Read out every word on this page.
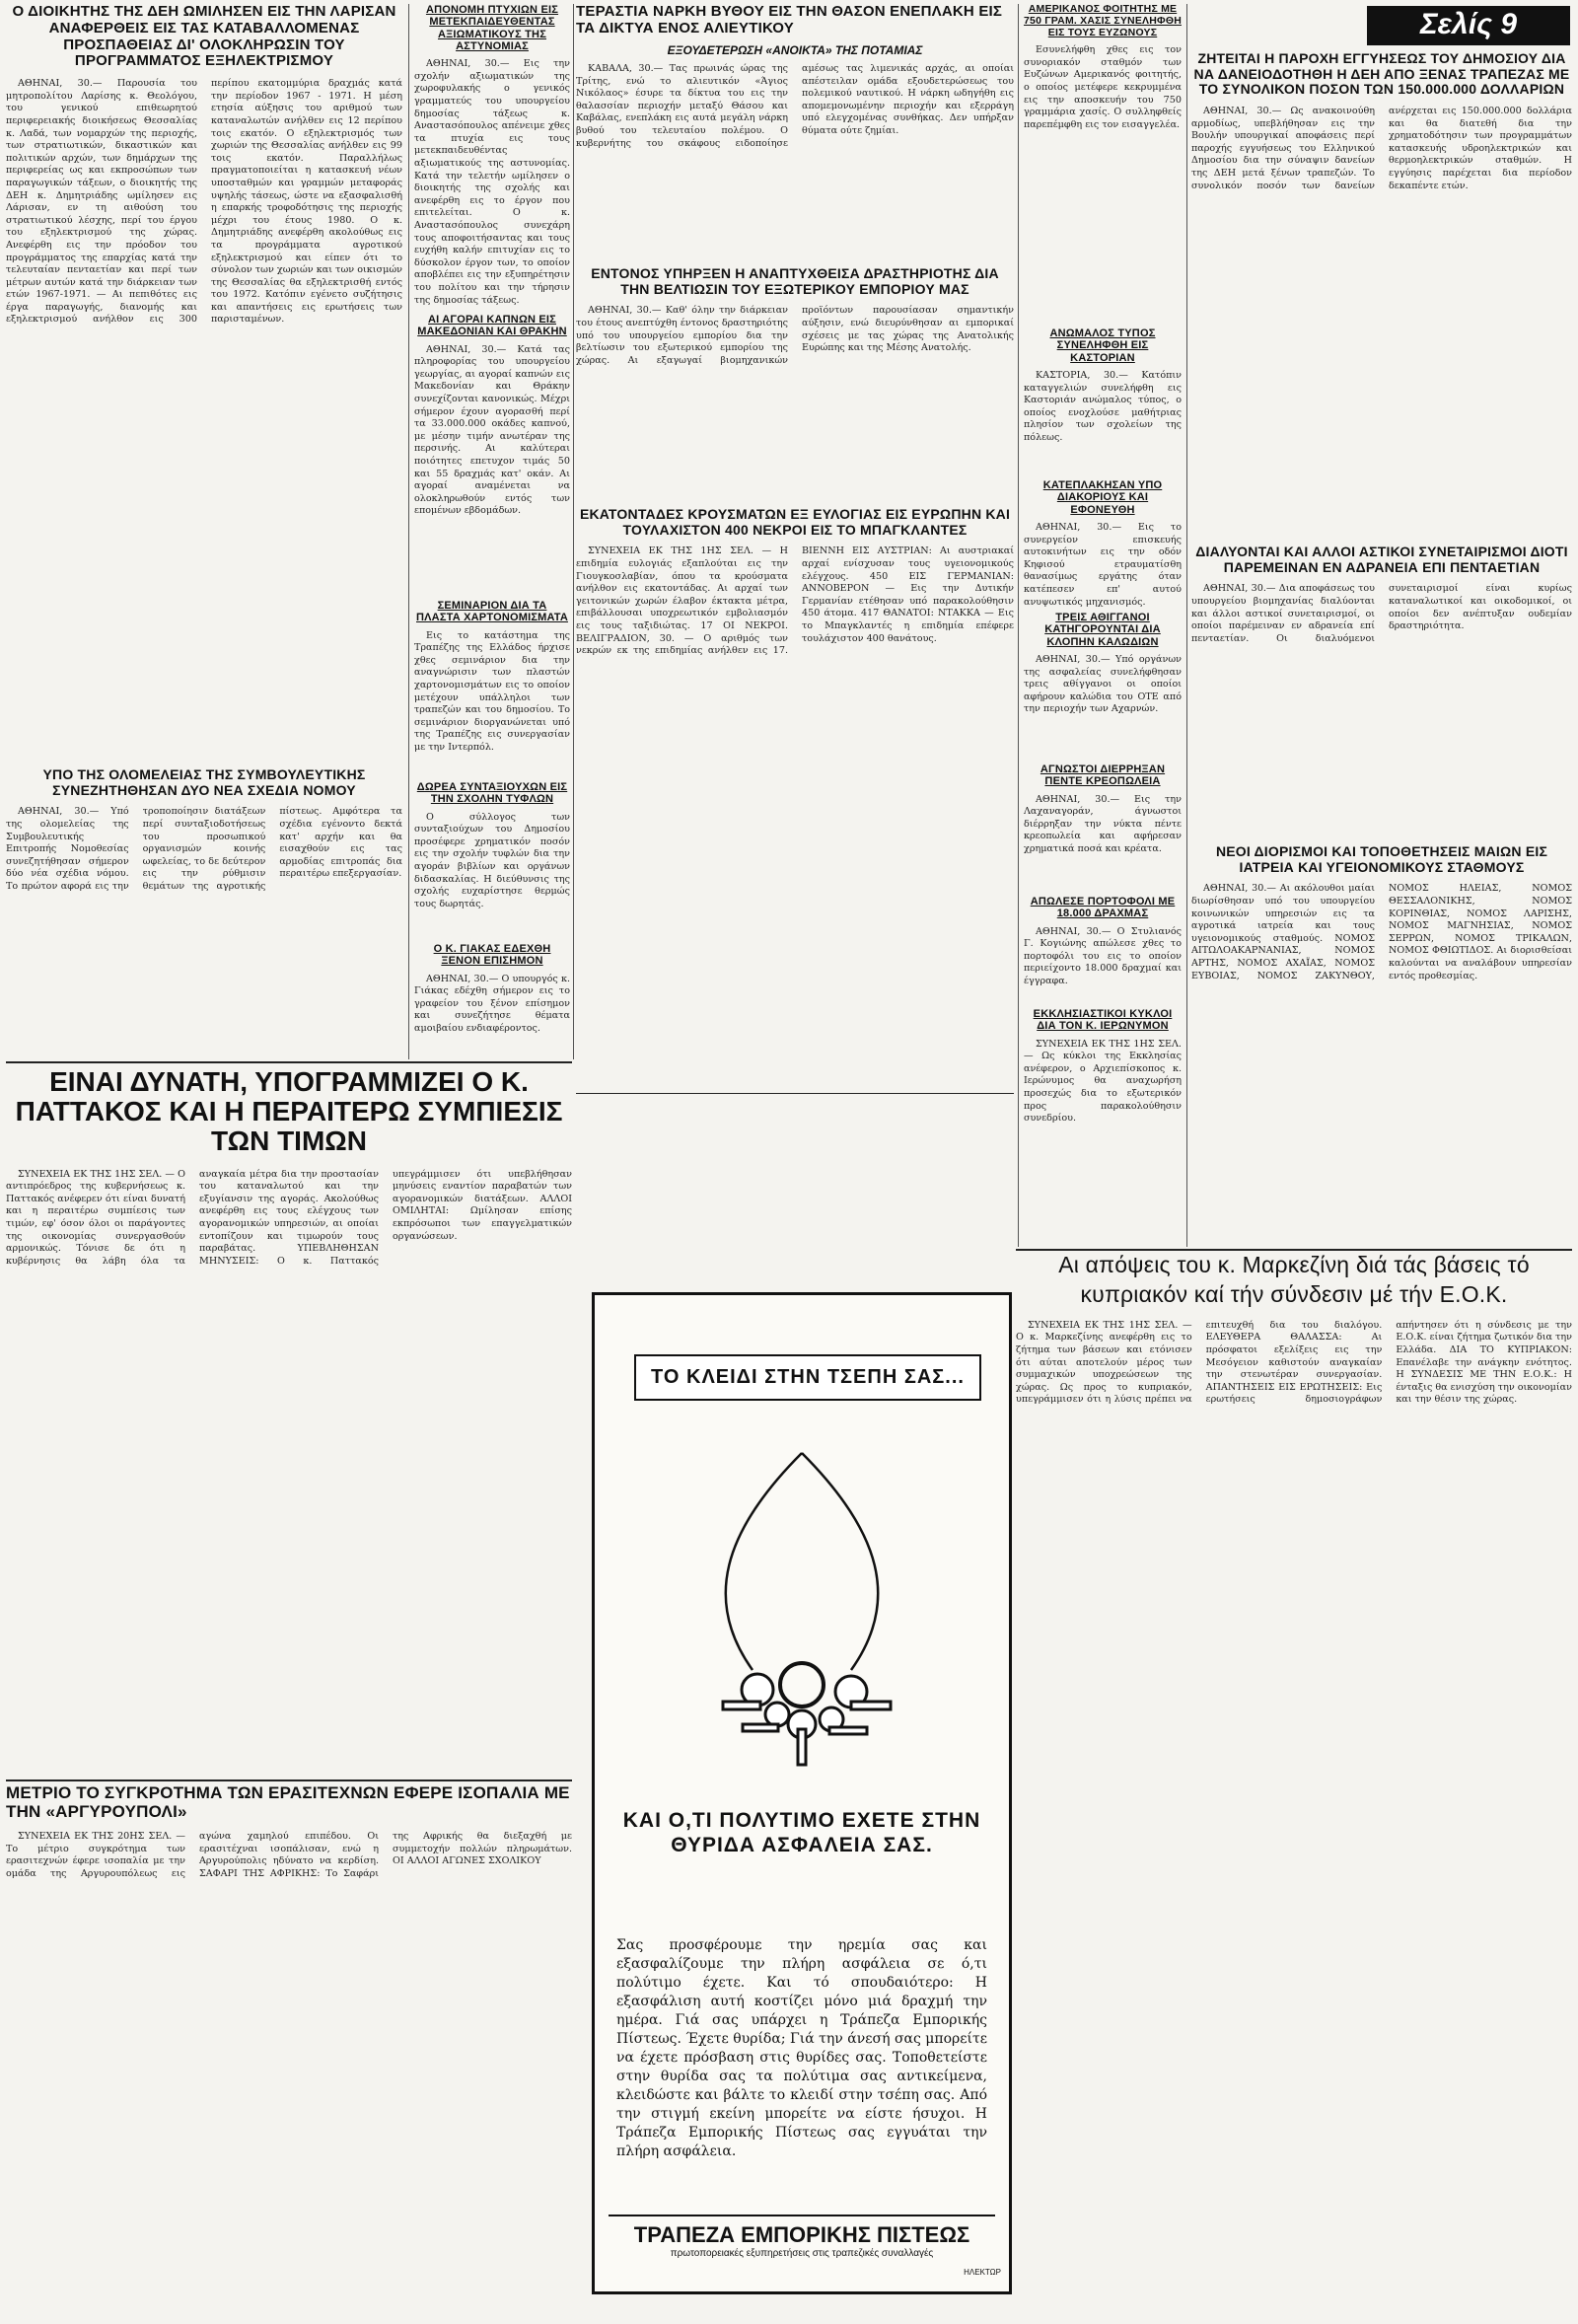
Ο ΔΙΟΙΚΗΤΗΣ ΤΗΣ ΔΕΗ ΩΜΙΛΗΣΕΝ ΕΙΣ ΤΗΝ ΛΑΡΙΣΑΝ ΑΝΑΦΕΡΘΕΙΣ ΕΙΣ ΤΑΣ ΚΑΤΑΒΑΛΛΟΜΕΝΑΣ ΠΡΟΣΠΑΘΕΙΑΣ ΔΙ' ΟΛΟΚΛΗΡΩΣΙΝ ΤΟΥ ΠΡΟΓΡΑΜΜΑΤΟΣ ΕΞΗΛΕΚΤΡΙΣΜΟΥ
ΑΘΗΝΑΙ, 30.— Παρουσία του μητροπολίτου Λαρίσης κ. Θεολόγου, του γενικού επιθεωρητού περιφερειακής διοικήσεως Θεσσαλίας κ. Λαδά, των νομαρχών της περιοχής, των στρατιωτικών, δικαστικών και πολιτικών αρχών, των δημάρχων της περιφερείας ως και εκπροσώπων των παραγωγικών τάξεων, ο διοικητής της ΔΕΗ κ. Δημητριάδης ωμίλησεν εις Λάρισαν, εν τη αιθούση του στρατιωτικού λέσχης, περί του έργου του εξηλεκτρισμού της χώρας. Ανεφέρθη εις την πρόοδον του προγράμματος της επαρχίας κατά την τελευταίαν πενταετίαν και περί των μέτρων αυτών κατά την διάρκειαν των ετών 1967-1971. — Αι πεπιθότες εις έργα παραγωγής, διανομής και εξηλεκτρισμού ανήλθον εις 300 περίπου εκατομμύρια δραχμάς κατά την περίοδον 1967 - 1971. Η μέση ετησία αύξησις του αριθμού των καταναλωτών ανήλθεν εις 12 περίπου τοις εκατόν. Ο εξηλεκτρισμός των χωριών της Θεσσαλίας ανήλθεν εις 99 τοις εκατόν. Παραλλήλως πραγματοποιείται η κατασκευή νέων υποσταθμών και γραμμών μεταφοράς υψηλής τάσεως, ώστε να εξασφαλισθή η επαρκής τροφοδότησις της περιοχής μέχρι του έτους 1980. Ο κ. Δημητριάδης ανεφέρθη ακολούθως εις τα προγράμματα αγροτικού εξηλεκτρισμού και είπεν ότι το σύνολον των χωριών και των οικισμών της Θεσσαλίας θα εξηλεκτρισθή εντός του 1972. Κατόπιν εγένετο συζήτησις και απαντήσεις εις ερωτήσεις των παρισταμένων.
ΑΠΟΝΟΜΗ ΠΤΥΧΙΩΝ ΕΙΣ ΜΕΤΕΚΠΑΙΔΕΥΘΕΝΤΑΣ ΑΞΙΩΜΑΤΙΚΟΥΣ ΤΗΣ ΑΣΤΥΝΟΜΙΑΣ
ΑΘΗΝΑΙ, 30.— Εις την σχολήν αξιωματικών της χωροφυλακής ο γενικός γραμματεύς του υπουργείου δημοσίας τάξεως κ. Αναστασόπουλος απένειμε χθες τα πτυχία εις τους μετεκπαιδευθέντας αξιωματικούς της αστυνομίας. Κατά την τελετήν ωμίλησεν ο διοικητής της σχολής και ανεφέρθη εις το έργον που επιτελείται. Ο κ. Αναστασόπουλος συνεχάρη τους αποφοιτήσαντας και τους ευχήθη καλήν επιτυχίαν εις το δύσκολον έργον των, το οποίον αποβλέπει εις την εξυπηρέτησιν του πολίτου και την τήρησιν της δημοσίας τάξεως.
ΑΙ ΑΓΟΡΑΙ ΚΑΠΝΩΝ ΕΙΣ ΜΑΚΕΔΟΝΙΑΝ ΚΑΙ ΘΡΑΚΗΝ
ΑΘΗΝΑΙ, 30.— Κατά τας πληροφορίας του υπουργείου γεωργίας, αι αγοραί καπνών εις Μακεδονίαν και Θράκην συνεχίζονται κανονικώς. Μέχρι σήμερον έχουν αγορασθή περί τα 33.000.000 οκάδες καπνού, με μέσην τιμήν ανωτέραν της περσινής. Αι καλύτεραι ποιότητες επετυχον τιμάς 50 και 55 δραχμάς κατ' οκάν. Αι αγοραί αναμένεται να ολοκληρωθούν εντός των επομένων εβδομάδων.
ΤΕΡΑΣΤΙΑ ΝΑΡΚΗ ΒΥΘΟΥ ΕΙΣ ΤΗΝ ΘΑΣΟΝ ΕΝΕΠΛΑΚΗ ΕΙΣ ΤΑ ΔΙΚΤΥΑ ΕΝΟΣ ΑΛΙΕΥΤΙΚΟΥ
ΕΞΟΥΔΕΤΕΡΩΣΗ «ΑΝΟΙΚΤΑ» ΤΗΣ ΠΟΤΑΜΙΑΣ
ΚΑΒΑΛΑ, 30.— Τας πρωινάς ώρας της Τρίτης, ενώ το αλιευτικόν «Άγιος Νικόλαος» έσυρε τα δίκτυα του εις την θαλασσίαν περιοχήν μεταξύ Θάσου και Καβάλας, ενεπλάκη εις αυτά μεγάλη νάρκη βυθού του τελευταίου πολέμου. Ο κυβερνήτης του σκάφους ειδοποίησε αμέσως τας λιμενικάς αρχάς, αι οποίαι απέστειλαν ομάδα εξουδετερώσεως του πολεμικού ναυτικού. Η νάρκη ωδηγήθη εις απομεμονωμένην περιοχήν και εξερράγη υπό ελεγχομένας συνθήκας. Δεν υπήρξαν θύματα ούτε ζημίαι.
ΑΜΕΡΙΚΑΝΟΣ ΦΟΙΤΗΤΗΣ ΜΕ 750 ΓΡΑΜ. ΧΑΣΙΣ ΣΥΝΕΛΗΦΘΗ ΕΙΣ ΤΟΥΣ ΕΥΖΩΝΟΥΣ
Εσυνελήφθη χθες εις τον συνοριακόν σταθμόν των Ευζώνων Αμερικανός φοιτητής, ο οποίος μετέφερε κεκρυμμένα εις την αποσκευήν του 750 γραμμάρια χασίς. Ο συλληφθείς παρεπέμφθη εις τον εισαγγελέα.
Σελίς 9
ΖΗΤΕΙΤΑΙ Η ΠΑΡΟΧΗ ΕΓΓΥΗΣΕΩΣ ΤΟΥ ΔΗΜΟΣΙΟΥ ΔΙΑ ΝΑ ΔΑΝΕΙΟΔΟΤΗΘΗ Η ΔΕΗ ΑΠΟ ΞΕΝΑΣ ΤΡΑΠΕΖΑΣ ΜΕ ΤΟ ΣΥΝΟΛΙΚΟΝ ΠΟΣΟΝ ΤΩΝ 150.000.000 ΔΟΛΛΑΡΙΩΝ
ΑΘΗΝΑΙ, 30.— Ως ανακοινούθη αρμοδίως, υπεβλήθησαν εις την Βουλήν υπουργικαί αποφάσεις περί παροχής εγγυήσεως του Ελληνικού Δημοσίου δια την σύναψιν δανείων της ΔΕΗ μετά ξένων τραπεζών. Το συνολικόν ποσόν των δανείων ανέρχεται εις 150.000.000 δολλάρια και θα διατεθή δια την χρηματοδότησιν των προγραμμάτων κατασκευής υδροηλεκτρικών και θερμοηλεκτρικών σταθμών. Η εγγύησις παρέχεται δια περίοδον δεκαπέντε ετών.
ΕΝΤΟΝΟΣ ΥΠΗΡΞΕΝ Η ΑΝΑΠΤΥΧΘΕΙΣΑ ΔΡΑΣΤΗΡΙΟΤΗΣ ΔΙΑ ΤΗΝ ΒΕΛΤΙΩΣΙΝ ΤΟΥ ΕΞΩΤΕΡΙΚΟΥ ΕΜΠΟΡΙΟΥ ΜΑΣ
ΑΘΗΝΑΙ, 30.— Καθ' όλην την διάρκειαν του έτους ανεπτύχθη έντονος δραστηριότης υπό του υπουργείου εμπορίου δια την βελτίωσιν του εξωτερικού εμπορίου της χώρας. Αι εξαγωγαί βιομηχανικών προϊόντων παρουσίασαν σημαντικήν αύξησιν, ενώ διευρύνθησαν αι εμπορικαί σχέσεις με τας χώρας της Ανατολικής Ευρώπης και της Μέσης Ανατολής.
ΑΝΩΜΑΛΟΣ ΤΥΠΟΣ ΣΥΝΕΛΗΦΘΗ ΕΙΣ ΚΑΣΤΟΡΙΑΝ
ΚΑΣΤΟΡΙΑ, 30.— Κατόπιν καταγγελιών συνελήφθη εις Καστοριάν ανώμαλος τύπος, ο οποίος ενοχλούσε μαθήτριας πλησίον των σχολείων της πόλεως.
ΚΑΤΕΠΛΑΚΗΣΑΝ ΥΠΟ ΔΙΑΚΟΡΙΟΥΣ ΚΑΙ ΕΦΟΝΕΥΘΗ
ΑΘΗΝΑΙ, 30.— Εις το συνεργείον επισκευής αυτοκινήτων εις την οδόν Κηφισού ετραυματίσθη θανασίμως εργάτης όταν κατέπεσεν επ' αυτού ανυψωτικός μηχανισμός.
ΕΚΑΤΟΝΤΑΔΕΣ ΚΡΟΥΣΜΑΤΩΝ ΕΞ ΕΥΛΟΓΙΑΣ ΕΙΣ ΕΥΡΩΠΗΝ ΚΑΙ ΤΟΥΛΑΧΙΣΤΟΝ 400 ΝΕΚΡΟΙ ΕΙΣ ΤΟ ΜΠΑΓΚΛΑΝΤΕΣ
ΣΥΝΕΧΕΙΑ ΕΚ ΤΗΣ 1ΗΣ ΣΕΛ. — Η επιδημία ευλογιάς εξαπλούται εις την Γιουγκοσλαβίαν, όπου τα κρούσματα ανήλθον εις εκατοντάδας. Αι αρχαί των γειτονικών χωρών έλαβον έκτακτα μέτρα, επιβάλλουσαι υποχρεωτικόν εμβολιασμόν εις τους ταξιδιώτας. 17 ΟΙ ΝΕΚΡΟΙ. ΒΕΛΙΓΡΑΔΙΟΝ, 30. — Ο αριθμός των νεκρών εκ της επιδημίας ανήλθεν εις 17. ΒΙΕΝΝΗ ΕΙΣ ΑΥΣΤΡΙΑΝ: Αι αυστριακαί αρχαί ενίσχυσαν τους υγειονομικούς ελέγχους. 450 ΕΙΣ ΓΕΡΜΑΝΙΑΝ: ΑΝΝΟΒΕΡΟΝ — Εις την Δυτικήν Γερμανίαν ετέθησαν υπό παρακολούθησιν 450 άτομα. 417 ΘΑΝΑΤΟΙ: ΝΤΑΚΚΑ — Εις το Μπαγκλαντές η επιδημία επέφερε τουλάχιστον 400 θανάτους.
ΔΙΑΛΥΟΝΤΑΙ ΚΑΙ ΑΛΛΟΙ ΑΣΤΙΚΟΙ ΣΥΝΕΤΑΙΡΙΣΜΟΙ ΔΙΟΤΙ ΠΑΡΕΜΕΙΝΑΝ ΕΝ ΑΔΡΑΝΕΙΑ ΕΠΙ ΠΕΝΤΑΕΤΙΑΝ
ΑΘΗΝΑΙ, 30.— Δια αποφάσεως του υπουργείου βιομηχανίας διαλύονται και άλλοι αστικοί συνεταιρισμοί, οι οποίοι παρέμειναν εν αδρανεία επί πενταετίαν. Οι διαλυόμενοι συνεταιρισμοί είναι κυρίως καταναλωτικοί και οικοδομικοί, οι οποίοι δεν ανέπτυξαν ουδεμίαν δραστηριότητα.
ΣΕΜΙΝΑΡΙΟΝ ΔΙΑ ΤΑ ΠΛΑΣΤΑ ΧΑΡΤΟΝΟΜΙΣΜΑΤΑ
Εις το κατάστημα της Τραπέζης της Ελλάδος ήρχισε χθες σεμινάριον δια την αναγνώρισιν των πλαστών χαρτονομισμάτων εις το οποίον μετέχουν υπάλληλοι των τραπεζών και του δημοσίου. Το σεμινάριον διοργανώνεται υπό της Τραπέζης εις συνεργασίαν με την Ιντερπόλ.
ΤΡΕΙΣ ΑΘΙΓΓΑΝΟΙ ΚΑΤΗΓΟΡΟΥΝΤΑΙ ΔΙΑ ΚΛΟΠΗΝ ΚΑΛΩΔΙΩΝ
ΑΘΗΝΑΙ, 30.— Υπό οργάνων της ασφαλείας συνελήφθησαν τρεις αθίγγανοι οι οποίοι αφήρουν καλώδια του ΟΤΕ από την περιοχήν των Αχαρνών.
ΥΠΟ ΤΗΣ ΟΛΟΜΕΛΕΙΑΣ ΤΗΣ ΣΥΜΒΟΥΛΕΥΤΙΚΗΣ ΣΥΝΕΖΗΤΗΘΗΣΑΝ ΔΥΟ ΝΕΑ ΣΧΕΔΙΑ ΝΟΜΟΥ
ΑΘΗΝΑΙ, 30.— Υπό της ολομελείας της Συμβουλευτικής Επιτροπής Νομοθεσίας συνεζητήθησαν σήμερον δύο νέα σχέδια νόμου. Το πρώτον αφορά εις την τροποποίησιν διατάξεων περί συνταξιοδοτήσεως του προσωπικού οργανισμών κοινής ωφελείας, το δε δεύτερον εις την ρύθμισιν θεμάτων της αγροτικής πίστεως. Αμφότερα τα σχέδια εγένοντο δεκτά κατ' αρχήν και θα εισαχθούν εις τας αρμοδίας επιτροπάς δια περαιτέρω επεξεργασίαν.
ΔΩΡΕΑ ΣΥΝΤΑΞΙΟΥΧΩΝ ΕΙΣ ΤΗΝ ΣΧΟΛΗΝ ΤΥΦΛΩΝ
Ο σύλλογος των συνταξιούχων του Δημοσίου προσέφερε χρηματικόν ποσόν εις την σχολήν τυφλών δια την αγοράν βιβλίων και οργάνων διδασκαλίας. Η διεύθυνσις της σχολής ευχαρίστησε θερμώς τους δωρητάς.
ΑΓΝΩΣΤΟΙ ΔΙΕΡΡΗΞΑΝ ΠΕΝΤΕ ΚΡΕΟΠΩΛΕΙΑ
ΑΘΗΝΑΙ, 30.— Εις την Λαχαναγοράν, άγνωστοι διέρρηξαν την νύκτα πέντε κρεοπωλεία και αφήρεσαν χρηματικά ποσά και κρέατα.	ΝΕΟΙ ΔΙΟΡΙΣΜΟΙ ΚΑΙ ΤΟΠΟΘΕΤΗΣΕΙΣ ΜΑΙΩΝ ΕΙΣ ΙΑΤΡΕΙΑ ΚΑΙ ΥΓΕΙΟΝΟΜΙΚΟΥΣ ΣΤΑΘΜΟΥΣ
ΑΘΗΝΑΙ, 30.— Αι ακόλουθοι μαίαι διωρίσθησαν υπό του υπουργείου κοινωνικών υπηρεσιών εις τα αγροτικά ιατρεία και τους υγειονομικούς σταθμούς. ΝΟΜΟΣ ΑΙΤΩΛΟΑΚΑΡΝΑΝΙΑΣ, ΝΟΜΟΣ ΑΡΤΗΣ, ΝΟΜΟΣ ΑΧΑΪΑΣ, ΝΟΜΟΣ ΕΥΒΟΙΑΣ, ΝΟΜΟΣ ΖΑΚΥΝΘΟΥ, ΝΟΜΟΣ ΗΛΕΙΑΣ, ΝΟΜΟΣ ΘΕΣΣΑΛΟΝΙΚΗΣ, ΝΟΜΟΣ ΚΟΡΙΝΘΙΑΣ, ΝΟΜΟΣ ΛΑΡΙΣΗΣ, ΝΟΜΟΣ ΜΑΓΝΗΣΙΑΣ, ΝΟΜΟΣ ΣΕΡΡΩΝ, ΝΟΜΟΣ ΤΡΙΚΑΛΩΝ, ΝΟΜΟΣ ΦΘΙΩΤΙΔΟΣ. Αι διορισθείσαι καλούνται να αναλάβουν υπηρεσίαν εντός προθεσμίας.
ΑΠΩΛΕΣΕ ΠΟΡΤΟΦΟΛΙ ΜΕ 18.000 ΔΡΑΧΜΑΣ
ΑΘΗΝΑΙ, 30.— Ο Στυλιανός Γ. Κογιώνης απώλεσε χθες το πορτοφόλι του εις το οποίον περιείχοντο 18.000 δραχμαί και έγγραφα.
Ο Κ. ΓΙΑΚΑΣ ΕΔΕΧΘΗ ΞΕΝΟΝ ΕΠΙΣΗΜΟΝ
ΑΘΗΝΑΙ, 30.— Ο υπουργός κ. Γιάκας εδέχθη σήμερον εις το γραφείον του ξένον επίσημον και συνεζήτησε θέματα αμοιβαίου ενδιαφέροντος.
ΕΚΚΛΗΣΙΑΣΤΙΚΟΙ ΚΥΚΛΟΙ ΔΙΑ ΤΟΝ Κ. ΙΕΡΩΝΥΜΟΝ
ΣΥΝΕΧΕΙΑ ΕΚ ΤΗΣ 1ΗΣ ΣΕΛ. — Ως κύκλοι της Εκκλησίας ανέφερον, ο Αρχιεπίσκοπος κ. Ιερώνυμος θα αναχωρήση προσεχώς δια το εξωτερικόν προς παρακολούθησιν συνεδρίου.
ΕΙΝΑΙ ΔΥΝΑΤΗ, ΥΠΟΓΡΑΜΜΙΖΕΙ Ο Κ. ΠΑΤΤΑΚΟΣ ΚΑΙ Η ΠΕΡΑΙΤΕΡΩ ΣΥΜΠΙΕΣΙΣ ΤΩΝ ΤΙΜΩΝ
ΣΥΝΕΧΕΙΑ ΕΚ ΤΗΣ 1ΗΣ ΣΕΛ. — Ο αντιπρόεδρος της κυβερνήσεως κ. Παττακός ανέφερεν ότι είναι δυνατή και η περαιτέρω συμπίεσις των τιμών, εφ' όσον όλοι οι παράγοντες της οικονομίας συνεργασθούν αρμονικώς. Τόνισε δε ότι η κυβέρνησις θα λάβη όλα τα αναγκαία μέτρα δια την προστασίαν του καταναλωτού και την εξυγίανσιν της αγοράς. Ακολούθως ανεφέρθη εις τους ελέγχους των αγορανομικών υπηρεσιών, αι οποίαι εντοπίζουν και τιμωρούν τους παραβάτας. ΥΠΕΒΛΗΘΗΣΑΝ ΜΗΝΥΣΕΙΣ: Ο κ. Παττακός υπεγράμμισεν ότι υπεβλήθησαν μηνύσεις εναντίον παραβατών των αγορανομικών διατάξεων. ΑΛΛΟΙ ΟΜΙΛΗΤΑΙ: Ωμίλησαν επίσης εκπρόσωποι των επαγγελματικών οργανώσεων.
ΤΟ ΚΛΕΙΔΙ ΣΤΗΝ ΤΣΕΠΗ ΣΑΣ...
ΚΑΙ Ο,ΤΙ ΠΟΛΥΤΙΜΟ ΕΧΕΤΕ ΣΤΗΝ ΘΥΡΙΔΑ ΑΣΦΑΛΕΙΑ ΣΑΣ.
Σας προσφέρουμε την ηρεμία σας και εξασφαλίζουμε την πλήρη ασφάλεια σε ό,τι πολύτιμο έχετε. Και τό σπουδαιότερο: Η εξασφάλιση αυτή κοστίζει μόνο μιά δραχμή την ημέρα. Γιά σας υπάρχει η Τράπεζα Εμπορικής Πίστεως. Έχετε θυρίδα; Γιά την άνεσή σας μπορείτε να έχετε πρόσβαση στις θυρίδες σας. Τοποθετείστε στην θυρίδα σας τα πολύτιμα σας αντικείμενα, κλειδώστε και βάλτε το κλειδί στην τσέπη σας. Από την στιγμή εκείνη μπορείτε να είστε ήσυχοι. Η Τράπεζα Εμπορικής Πίστεως σας εγγυάται την πλήρη ασφάλεια.
ΤΡΑΠΕΖΑ ΕΜΠΟΡΙΚΗΣ ΠΙΣΤΕΩΣ
πρωτοπορειακές εξυπηρετήσεις στις τραπεζικές συναλλαγές
ΗΛΕΚΤΩΡ
Αι απόψεις του κ. Μαρκεζίνη διά τάς βάσεις τό κυπριακόν καί τήν σύνδεσιν μέ τήν Ε.Ο.Κ.
ΣΥΝΕΧΕΙΑ ΕΚ ΤΗΣ 1ΗΣ ΣΕΛ. — Ο κ. Μαρκεζίνης ανεφέρθη εις το ζήτημα των βάσεων και ετόνισεν ότι αύται αποτελούν μέρος των συμμαχικών υποχρεώσεων της χώρας. Ως προς το κυπριακόν, υπεγράμμισεν ότι η λύσις πρέπει να επιτευχθή δια του διαλόγου. ΕΛΕΥΘΕΡΑ ΘΑΛΑΣΣΑ: Αι πρόσφατοι εξελίξεις εις την Μεσόγειον καθιστούν αναγκαίαν την στενωτέραν συνεργασίαν. ΑΠΑΝΤΗΣΕΙΣ ΕΙΣ ΕΡΩΤΗΣΕΙΣ: Εις ερωτήσεις δημοσιογράφων απήντησεν ότι η σύνδεσις με την Ε.Ο.Κ. είναι ζήτημα ζωτικόν δια την Ελλάδα. ΔΙΑ ΤΟ ΚΥΠΡΙΑΚΟΝ: Επανέλαβε την ανάγκην ενότητος. Η ΣΥΝΔΕΣΙΣ ΜΕ ΤΗΝ Ε.Ο.Κ.: Η ένταξις θα ενισχύση την οικονομίαν και την θέσιν της χώρας.
ΜΕΤΡΙΟ ΤΟ ΣΥΓΚΡΟΤΗΜΑ ΤΩΝ ΕΡΑΣΙΤΕΧΝΩΝ ΕΦΕΡΕ ΙΣΟΠΑΛΙΑ ΜΕ ΤΗΝ «ΑΡΓΥΡΟΥΠΟΛΙ»
ΣΥΝΕΧΕΙΑ ΕΚ ΤΗΣ 20ΗΣ ΣΕΛ. — Το μέτριο συγκρότημα των ερασιτεχνών έφερε ισοπαλία με την ομάδα της Αργυρουπόλεως εις αγώνα χαμηλού επιπέδου. Οι ερασιτέχναι ισοπάλισαν, ενώ η Αργυρούπολις ηδύνατο να κερδίση. ΣΑΦΑΡΙ ΤΗΣ ΑΦΡΙΚΗΣ: Το Σαφάρι της Αφρικής θα διεξαχθή με συμμετοχήν πολλών πληρωμάτων. ΟΙ ΑΛΛΟΙ ΑΓΩΝΕΣ ΣΧΟΛΙΚΟΥ
